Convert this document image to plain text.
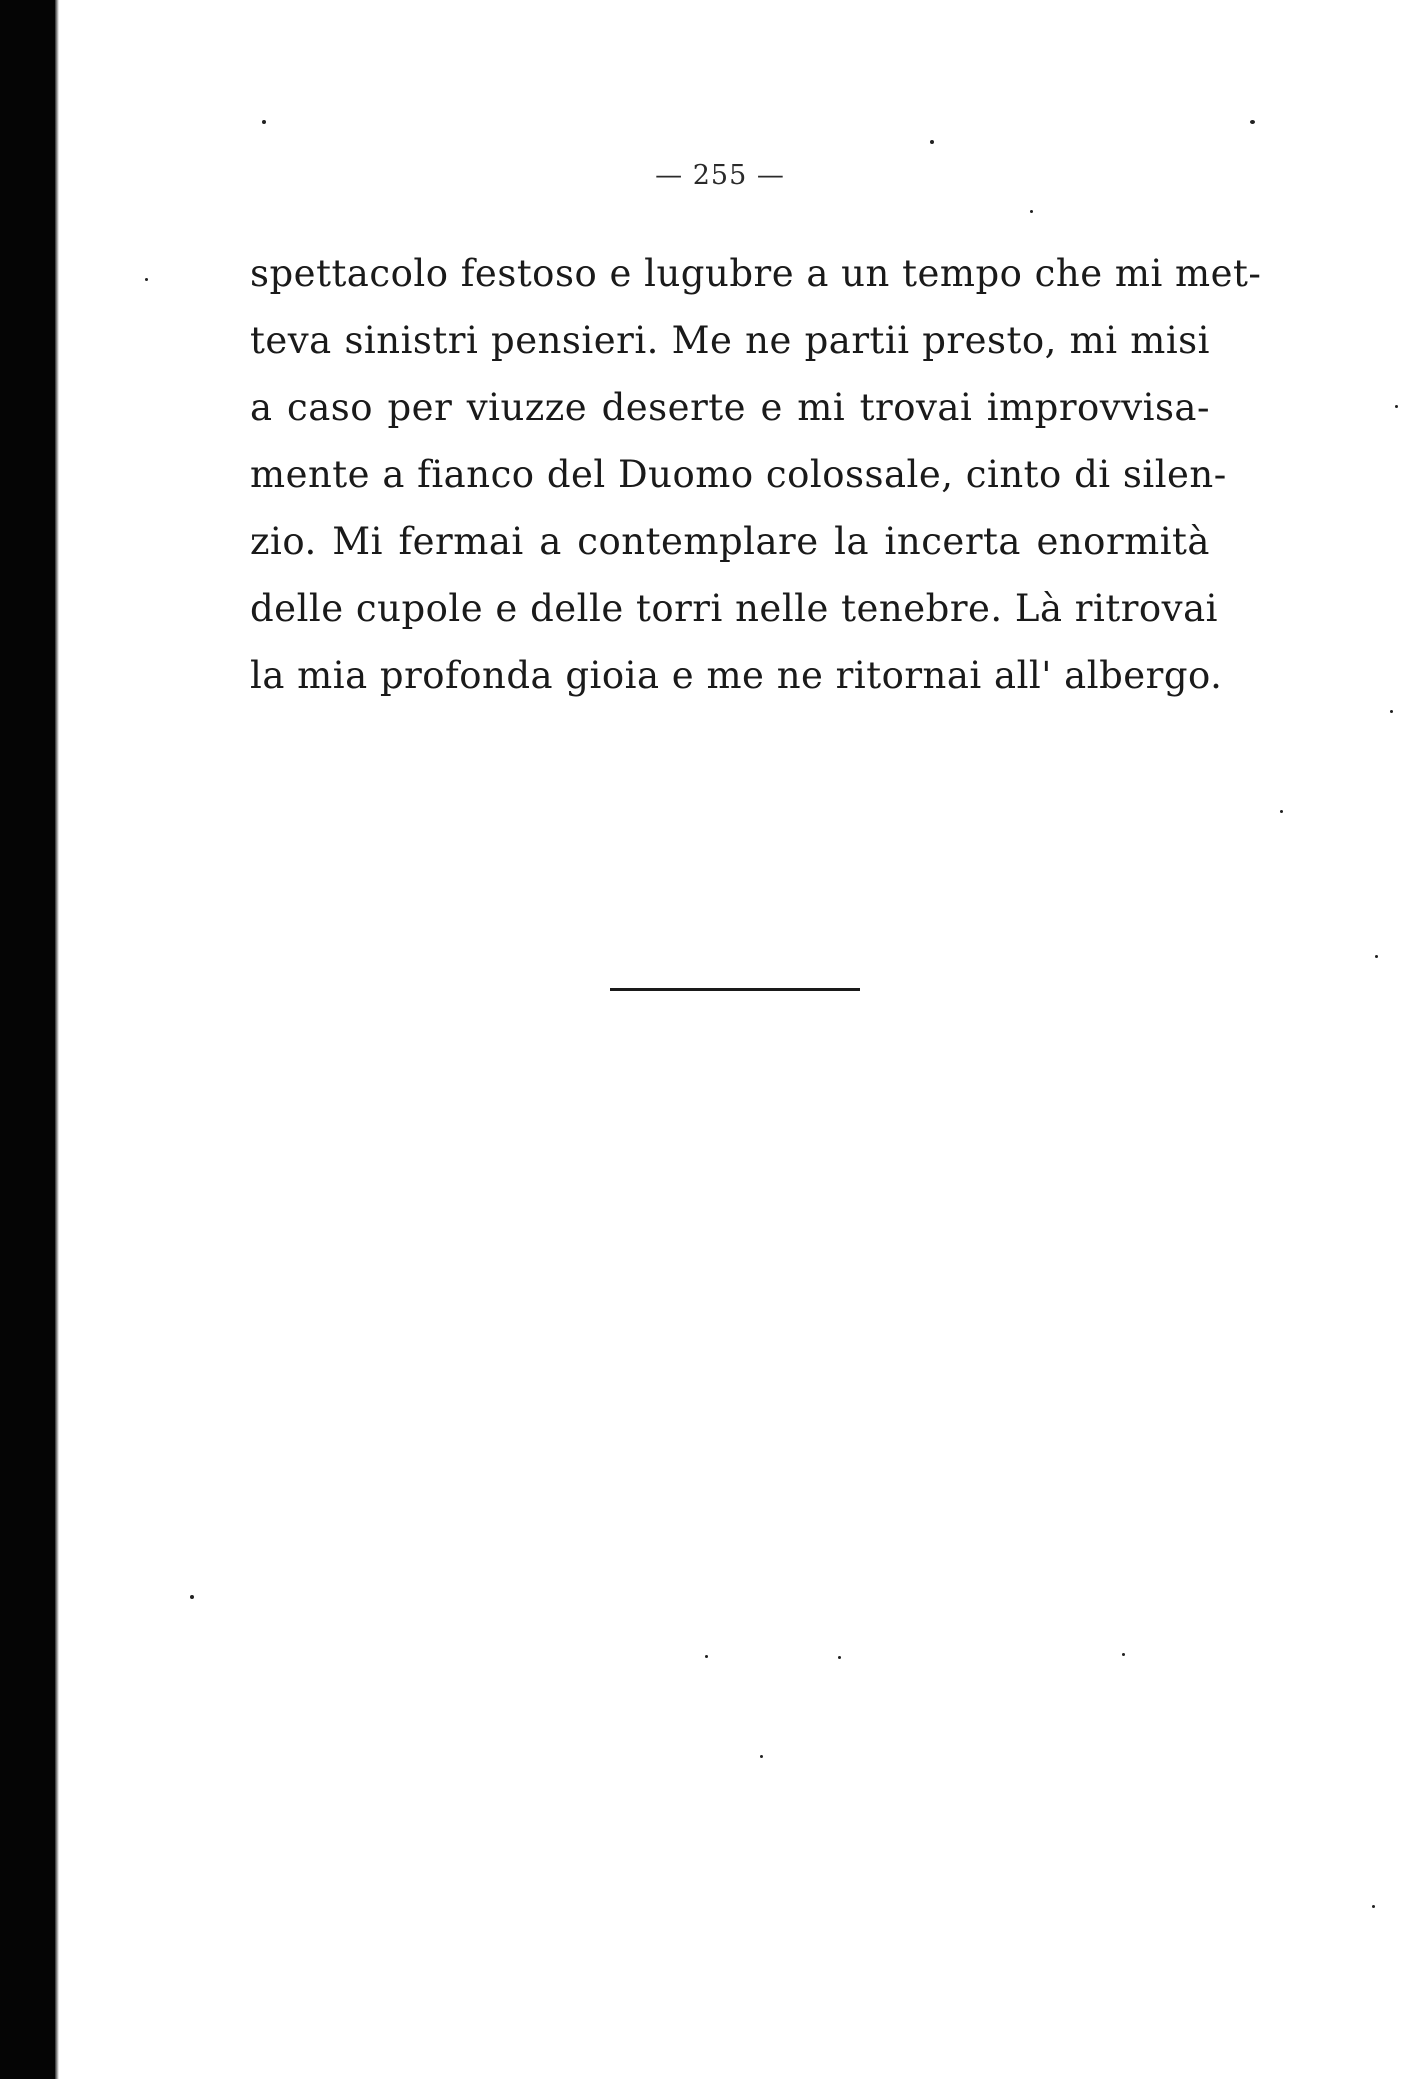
— 255 —
spettacolo festoso e lugubre a un tempo che mi met-
teva sinistri pensieri. Me ne partii presto, mi misi
a caso per viuzze deserte e mi trovai improvvisa-
mente a fianco del Duomo colossale, cinto di silen-
zio. Mi fermai a contemplare la incerta enormità
delle cupole e delle torri nelle tenebre. Là ritrovai
la mia profonda gioia e me ne ritornai all' albergo.
